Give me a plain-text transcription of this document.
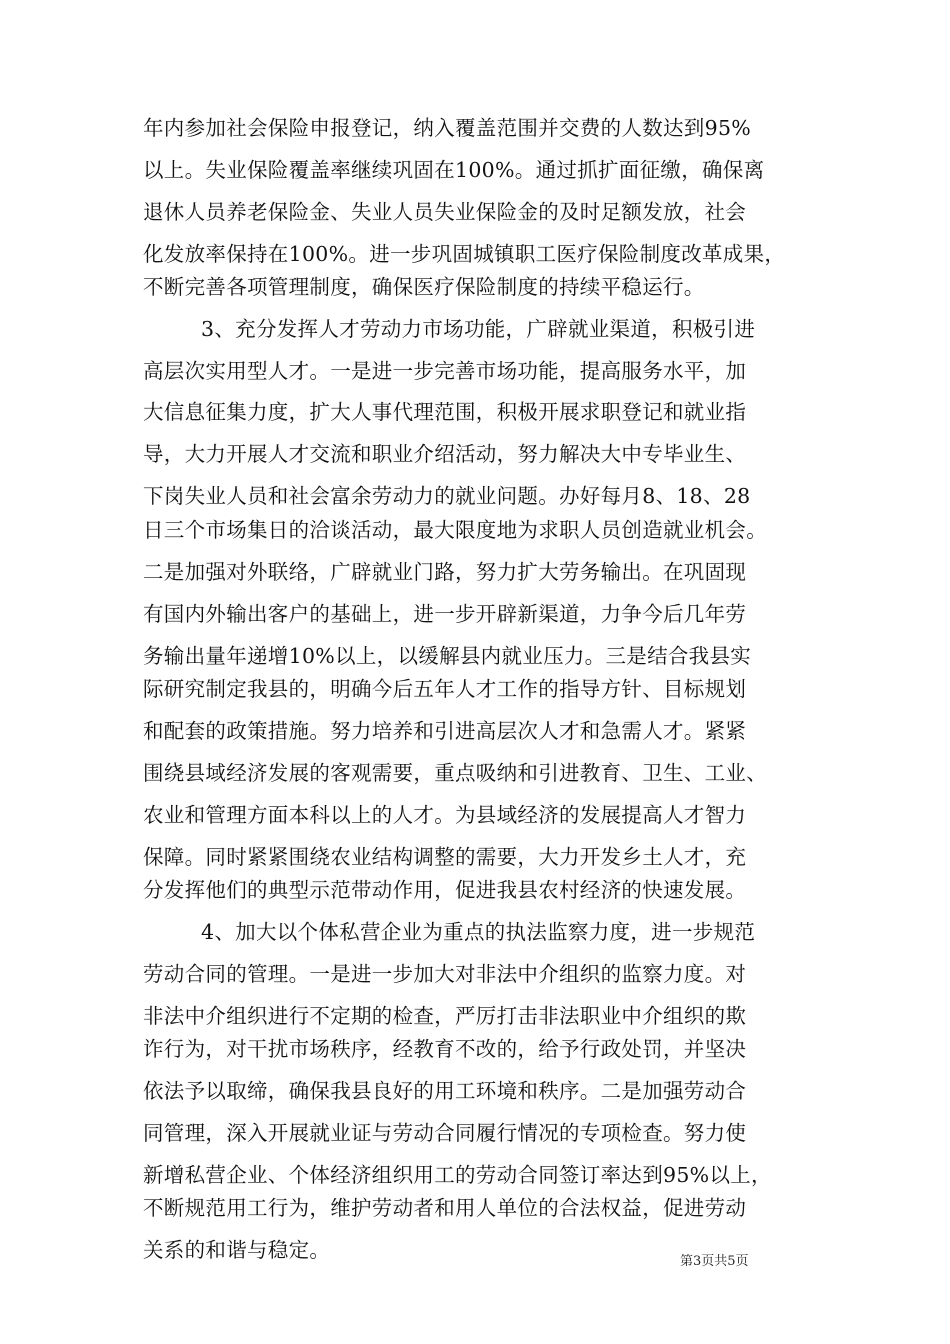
年内参加社会保险申报登记，纳入覆盖范围并交费的人数达到95%
以上。失业保险覆盖率继续巩固在100%。通过抓扩面征缴，确保离
退休人员养老保险金、失业人员失业保险金的及时足额发放，社会
化发放率保持在100%。进一步巩固城镇职工医疗保险制度改革成果，
不断完善各项管理制度，确保医疗保险制度的持续平稳运行。
3、充分发挥人才劳动力市场功能，广辟就业渠道，积极引进
高层次实用型人才。一是进一步完善市场功能，提高服务水平，加
大信息征集力度，扩大人事代理范围，积极开展求职登记和就业指
导，大力开展人才交流和职业介绍活动，努力解决大中专毕业生、
下岗失业人员和社会富余劳动力的就业问题。办好每月8、18、28
日三个市场集日的洽谈活动，最大限度地为求职人员创造就业机会。
二是加强对外联络，广辟就业门路，努力扩大劳务输出。在巩固现
有国内外输出客户的基础上，进一步开辟新渠道，力争今后几年劳
务输出量年递增10%以上，以缓解县内就业压力。三是结合我县实
际研究制定我县的，明确今后五年人才工作的指导方针、目标规划
和配套的政策措施。努力培养和引进高层次人才和急需人才。紧紧
围绕县域经济发展的客观需要，重点吸纳和引进教育、卫生、工业、
农业和管理方面本科以上的人才。为县域经济的发展提高人才智力
保障。同时紧紧围绕农业结构调整的需要，大力开发乡土人才，充
分发挥他们的典型示范带动作用，促进我县农村经济的快速发展。
4、加大以个体私营企业为重点的执法监察力度，进一步规范
劳动合同的管理。一是进一步加大对非法中介组织的监察力度。对
非法中介组织进行不定期的检查，严厉打击非法职业中介组织的欺
诈行为，对干扰市场秩序，经教育不改的，给予行政处罚，并坚决
依法予以取缔，确保我县良好的用工环境和秩序。二是加强劳动合
同管理，深入开展就业证与劳动合同履行情况的专项检查。努力使
新增私营企业、个体经济组织用工的劳动合同签订率达到95%以上，
不断规范用工行为，维护劳动者和用人单位的合法权益，促进劳动
关系的和谐与稳定。	第3页共5页
